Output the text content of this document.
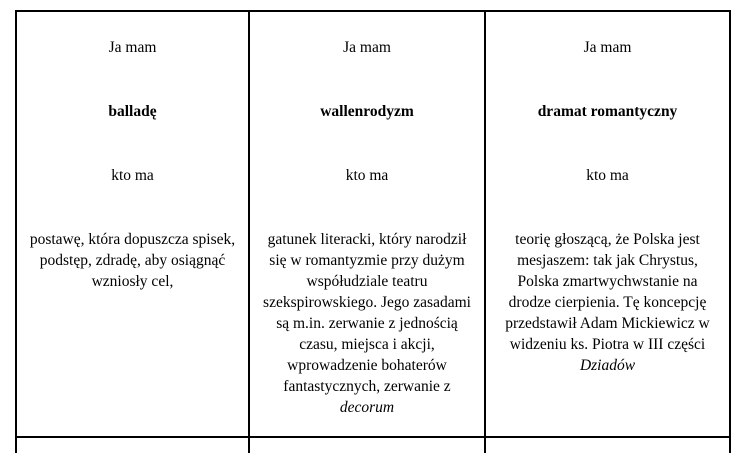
Ja mam
balladę
kto ma
postawę, która dopuszcza spisek, podstęp, zdradę, aby osiągnąć wzniosły cel,
Ja mam
wallenrodyzm
kto ma
gatunek literacki, który narodził się w romantyzmie przy dużym współudziale teatru szekspirowskiego. Jego zasadami są m.in. zerwanie z jednością czasu, miejsca i akcji, wprowadzenie bohaterów fantastycznych, zerwanie z decorum
Ja mam
dramat romantyczny
kto ma
teorię głoszącą, że Polska jest mesjaszem: tak jak Chrystus, Polska zmartwychwstanie na drodze cierpienia. Tę koncepcję przedstawił Adam Mickiewicz w widzeniu ks. Piotra w III części Dziadów
